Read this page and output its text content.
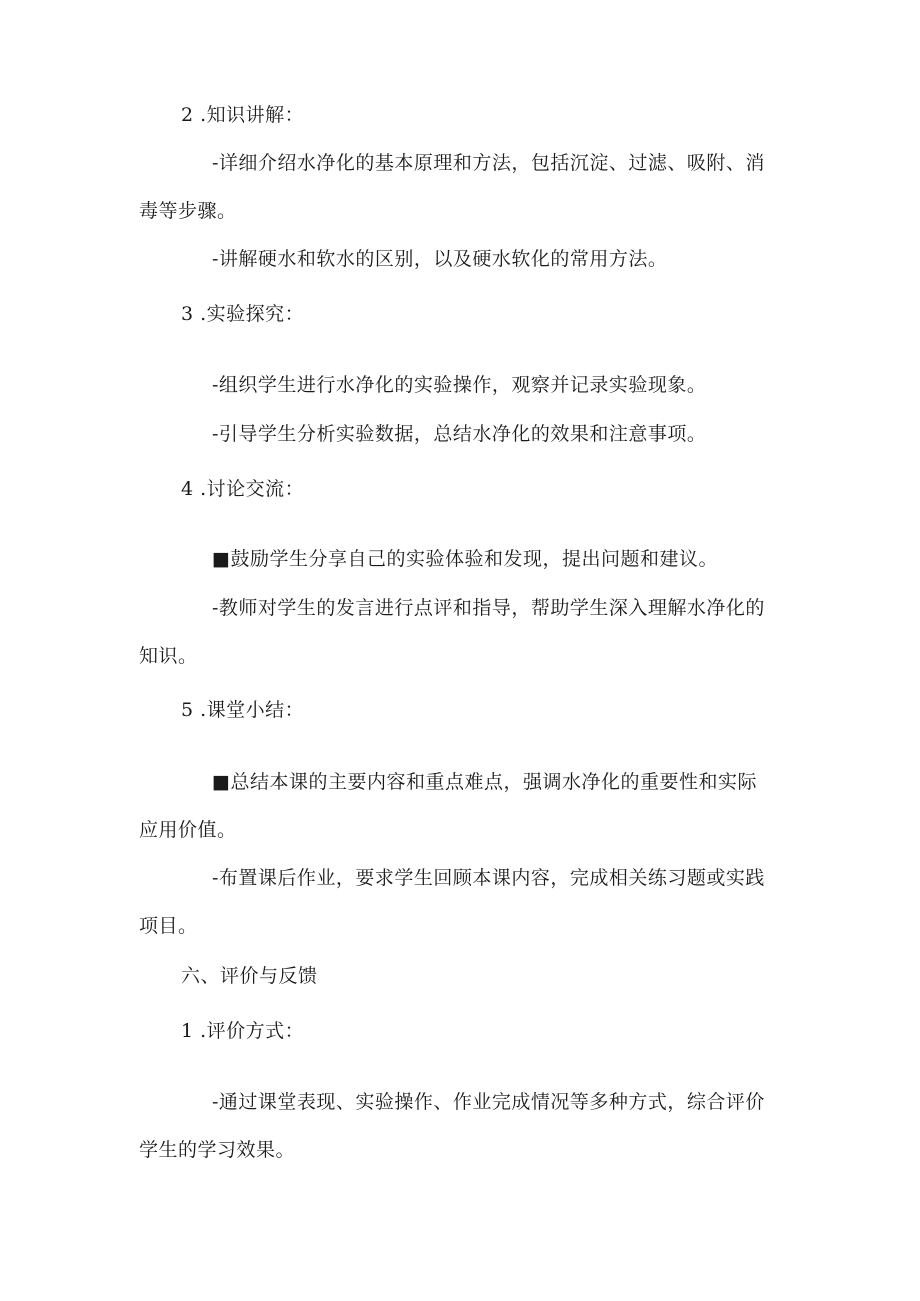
2 .知识讲解：
-详细介绍水净化的基本原理和方法，包括沉淀、过滤、吸附、消
毒等步骤。
-讲解硬水和软水的区别，以及硬水软化的常用方法。
3 .实验探究：
-组织学生进行水净化的实验操作，观察并记录实验现象。
-引导学生分析实验数据，总结水净化的效果和注意事项。
4 .讨论交流：
■鼓励学生分享自己的实验体验和发现，提出问题和建议。
-教师对学生的发言进行点评和指导，帮助学生深入理解水净化的
知识。
5 .课堂小结：
■总结本课的主要内容和重点难点，强调水净化的重要性和实际
应用价值。
-布置课后作业，要求学生回顾本课内容，完成相关练习题或实践
项目。
六、评价与反馈
1 .评价方式：
-通过课堂表现、实验操作、作业完成情况等多种方式，综合评价
学生的学习效果。
